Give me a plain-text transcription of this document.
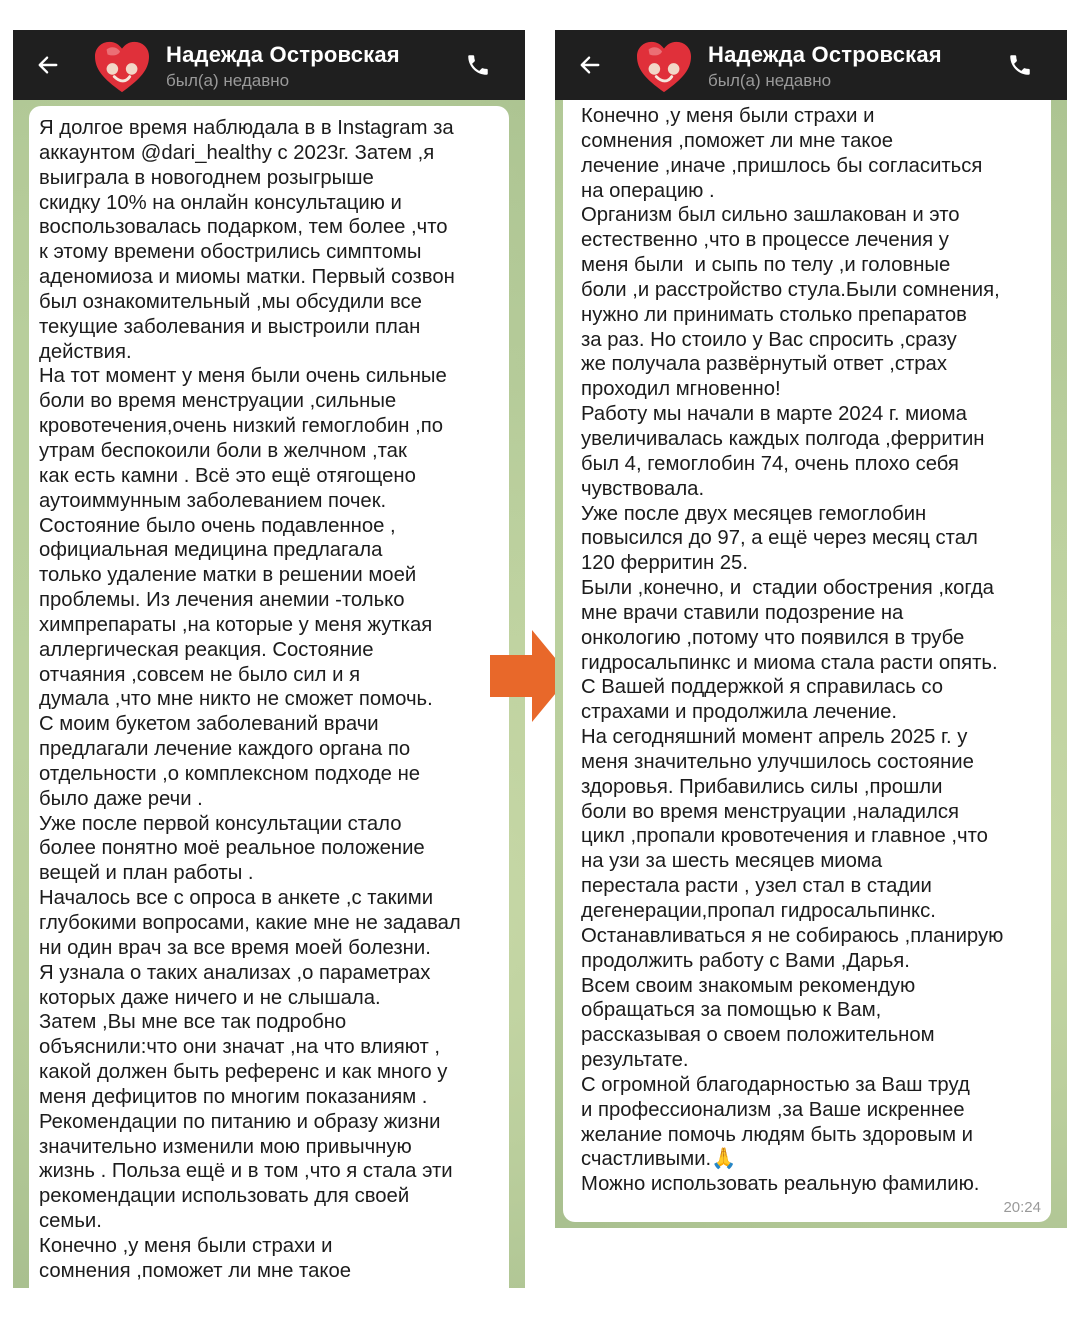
Надежда Островская
был(а) недавно

Я долгое время наблюдала в в Instagram за
аккаунтом @dari_healthy с 2023г. Затем ,я
выиграла в новогоднем розыгрыше
скидку 10% на онлайн консультацию и
воспользовалась подарком, тем более ,что
к этому времени обострились симптомы
аденомиоза и миомы матки. Первый созвон
был ознакомительный ,мы обсудили все
текущие заболевания и выстроили план
действия.
На тот момент у меня были очень сильные
боли во время менструации ,сильные
кровотечения,очень низкий гемоглобин ,по
утрам беспокоили боли в желчном ,так
как есть камни . Всё это ещё отягощено
аутоиммунным заболеванием почек.
Состояние было очень подавленное ,
официальная медицина предлагала
только удаление матки в решении моей
проблемы. Из лечения анемии -только
химпрепараты ,на которые у меня жуткая
аллергическая реакция. Состояние
отчаяния ,совсем не было сил и я
думала ,что мне никто не сможет помочь.
С моим букетом заболеваний врачи
предлагали лечение каждого органа по
отдельности ,о комплексном подходе не
было даже речи .
Уже после первой консультации стало
более понятно моё реальное положение
вещей и план работы .
Началось все с опроса в анкете ,с такими
глубокими вопросами, какие мне не задавал
ни один врач за все время моей болезни.
Я узнала о таких анализах ,о параметрах
которых даже ничего и не слышала.
Затем ,Вы мне все так подробно
объяснили:что они значат ,на что влияют ,
какой должен быть референс и как много у
меня дефицитов по многим показаниям .
Рекомендации по питанию и образу жизни
значительно изменили мою привычную
жизнь . Польза ещё и в том ,что я стала эти
рекомендации использовать для своей
семьи.
Конечно ,у меня были страхи и
сомнения ,поможет ли мне такое

Конечно ,у меня были страхи и
сомнения ,поможет ли мне такое
лечение ,иначе ,пришлось бы согласиться
на операцию .
Организм был сильно зашлакован и это
естественно ,что в процессе лечения у
меня были  и сыпь по телу ,и головные
боли ,и расстройство стула.Были сомнения,
нужно ли принимать столько препаратов
за раз. Но стоило у Вас спросить ,сразу
же получала развёрнутый ответ ,страх
проходил мгновенно!
Работу мы начали в марте 2024 г. миома
увеличивалась каждых полгода ,ферритин
был 4, гемоглобин 74, очень плохо себя
чувствовала.
Уже после двух месяцев гемоглобин
повысился до 97, а ещё через месяц стал
120 ферритин 25.
Были ,конечно, и  стадии обострения ,когда
мне врачи ставили подозрение на
онкологию ,потому что появился в трубе
гидросальпинкс и миома стала расти опять.
С Вашей поддержкой я справилась со
страхами и продолжила лечение.
На сегодняшний момент апрель 2025 г. у
меня значительно улучшилось состояние
здоровья. Прибавились силы ,прошли
боли во время менструации ,наладился
цикл ,пропали кровотечения и главное ,что
на узи за шесть месяцев миома
перестала расти , узел стал в стадии
дегенерации,пропал гидросальпинкс.
Останавливаться я не собираюсь ,планирую
продолжить работу с Вами ,Дарья.
Всем своим знакомым рекомендую
обращаться за помощью к Вам,
рассказывая о своем положительном
результате.
С огромной благодарностью за Ваш труд
и профессионализм ,за Ваше искреннее
желание помочь людям быть здоровым и
счастливыми.🙏
Можно использовать реальную фамилию.

20:24
Надежда Островская
был(а) недавно
